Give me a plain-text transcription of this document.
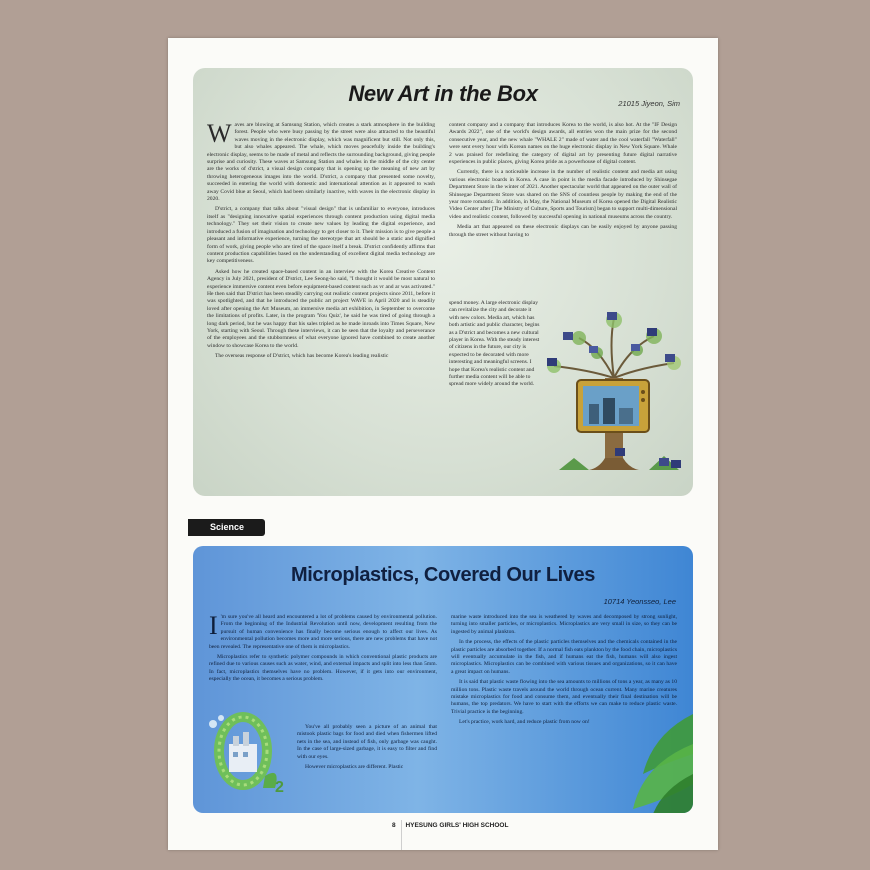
New Art in the Box	21015 Jiyeon, Sim

Waves are blowing at Samsung Station, which creates a stark atmosphere in the building forest. People who were busy passing by the street were also attracted to the beautiful waves moving in the electronic display, which was magnificent but still. Not only this, but also whales appeared. The whale, which moves peacefully inside the building's electronic display, seems to be made of metal and reflects the surrounding background, giving people surprise and curiosity. These waves at Samsung Station and whales in the middle of the city center are the works of d'strict, a visual design company that is opening up the meaning of new art by throwing heterogeneous images into the world. D'strict, a company that presented some novelty, succeeded in entering the world with domestic and international attention as it appeared to wash away Covid blue at Seoul, which had been similarly inactive, with waves in the electronic display in 2020.

D'strict, a company that talks about "visual design" that is unfamiliar to everyone, introduces itself as "designing innovative spatial experiences through content production using digital media technology." They set their vision to create new values by leading the digital experience, and introduced a fusion of imagination and technology to get closer to it. Their mission is to give people a pleasant and informative experience, turning the stereotype that art should be a static and dignified form of work, giving people who are tired of the space itself a break. D'strict confidently affirms that content production capabilities based on the understanding of excellent digital media technology are key competitiveness.

Asked how he created space-based content in an interview with the Korea Creative Content Agency in July 2021, president of D'strict, Lee Seong-ho said, "I thought it would be most natural to experience immersive content even before equipment-based content such as vr and ar was activated." He then said that D'strict has been steadily carrying out realistic content projects since 2011, before it was spotlighted, and that he introduced the public art project WAVE in April 2020 and is steadily loved after opening the Art Museum, an immersive media art exhibition, in September to overcome the limitations of profits. Later, in the program 'You Quiz', he said he was tired of going through a long dark period, but he was happy that his sales tripled as he made inroads into Times Square, New York, starting with Seoul. Through these interviews, it can be seen that the loyalty and perseverance of the employees and the stubbornness of what everyone ignored have combined to create another window to showcase Korea to the world.

The overseas response of D'strict, which has become Korea's leading realistic

content company and a company that introduces Korea to the world, is also hot. At the "IF Design Awards 2022", one of the world's design awards, all entries won the main prize for the second consecutive year, and the new whale "WHALE 2" made of water and the cool waterfall "Waterfall" were sent every hour with Korean names on the huge electronic display in New York Square. Whale 2 was praised for redefining the category of digital art by presenting future digital narrative experiences in public places, giving Korea pride as a powerhouse of digital content.

Currently, there is a noticeable increase in the number of realistic content and media art using various electronic boards in Korea. A case in point is the media facade introduced by Shinsegae Department Store in the winter of 2021. Another spectacular world that appeared on the outer wall of Shinsegae Department Store was shared on the SNS of countless people by making the end of the year more romantic. In addition, in May, the National Museum of Korea opened the Digital Realistic Video Center after [The Ministry of Culture, Sports and Tourism] began to support multi-dimensional video and realistic content, followed by successful opening in national museums across the country.

Media art that appeared on these electronic displays can be easily enjoyed by anyone passing through the street without having to

spend money. A large electronic display can revitalize the city and decorate it with new colors. Media art, which has both artistic and public character, begins as a D'strict and becomes a new cultural player in Korea. With the steady interest of citizens in the future, our city is expected to be decorated with more interesting and meaningful screens. I hope that Korea's realistic content and further media content will be able to spread more widely around the world.

Science
Microplastics, Covered Our Lives
10714 Yeonsseo, Lee

I 'm sure you've all heard and encountered a lot of problems caused by environmental pollution. From the beginning of the Industrial Revolution until now, development resulting from the pursuit of human convenience has finally become serious enough to affect our lives. As environmental pollution becomes more and more serious, there are new problems that have not been revealed. The representative one of them is microplastics.

Microplastics refer to synthetic polymer compounds in which conventional plastic products are refined due to various causes such as water, wind, and external impacts and split into less than 5mm. In fact, microplastics themselves have no problem. However, if it gets into our environment, especially the ocean, it becomes a serious problem.

You've all probably seen a picture of an animal that mistook plastic bags for food and died when fishermen lifted nets in the sea, and instead of fish, only garbage was caught. In the case of large-sized garbage, it is easy to filter and find with our eyes.

However microplastics are different. Plastic

marine waste introduced into the sea is weathered by waves and decomposed by strong sunlight, turning into smaller particles, or microplastics. Microplastics are very small in size, so they can be ingested by animal plankton.

In the process, the effects of the plastic particles themselves and the chemicals contained in the plastic particles are absorbed together. If a normal fish eats plankton by the food chain, microplastics will eventually accumulate in the fish, and if humans eat the fish, humans will also ingest microplastics. Microplastics can be combined with various tissues and organizations, so it can have a great impact on humans.

It is said that plastic waste flowing into the sea amounts to millions of tons a year, as many as 10 million tons. Plastic waste travels around the world through ocean current. Many marine creatures mistake microplastics for food and consume them, and eventually their final destination will be humans, the top predators. We have to start with the efforts we can make to reduce plastic waste. Trivial practice is the beginning.

Let's practice, work hard, and reduce plastic from now on!

2
8 HYESUNG GIRLS' HIGH SCHOOL
